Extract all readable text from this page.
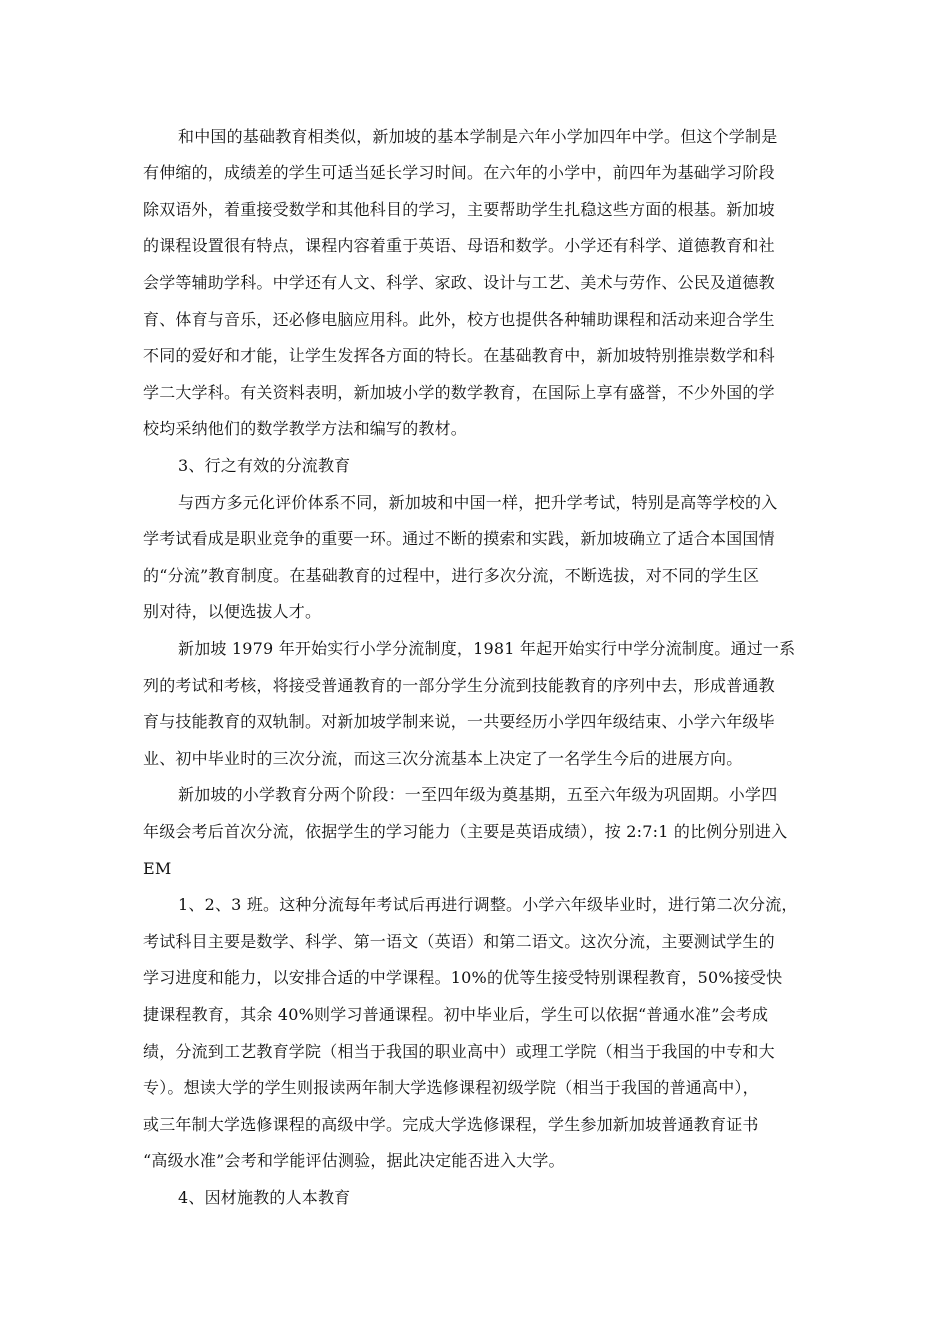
和中国的基础教育相类似，新加坡的基本学制是六年小学加四年中学。但这个学制是
有伸缩的，成绩差的学生可适当延长学习时间。在六年的小学中，前四年为基础学习阶段
除双语外，着重接受数学和其他科目的学习，主要帮助学生扎稳这些方面的根基。新加坡
的课程设置很有特点，课程内容着重于英语、母语和数学。小学还有科学、道德教育和社
会学等辅助学科。中学还有人文、科学、家政、设计与工艺、美术与劳作、公民及道德教
育、体育与音乐，还必修电脑应用科。此外，校方也提供各种辅助课程和活动来迎合学生
不同的爱好和才能，让学生发挥各方面的特长。在基础教育中，新加坡特别推崇数学和科
学二大学科。有关资料表明，新加坡小学的数学教育，在国际上享有盛誉，不少外国的学
校均采纳他们的数学教学方法和编写的教材。
3、行之有效的分流教育
与西方多元化评价体系不同，新加坡和中国一样，把升学考试，特别是高等学校的入
学考试看成是职业竞争的重要一环。通过不断的摸索和实践，新加坡确立了适合本国国情
的“分流”教育制度。在基础教育的过程中，进行多次分流，不断选拔，对不同的学生区
别对待，以便选拔人才。
新加坡 1979 年开始实行小学分流制度，1981 年起开始实行中学分流制度。通过一系
列的考试和考核，将接受普通教育的一部分学生分流到技能教育的序列中去，形成普通教
育与技能教育的双轨制。对新加坡学制来说，一共要经历小学四年级结束、小学六年级毕
业、初中毕业时的三次分流，而这三次分流基本上决定了一名学生今后的进展方向。
新加坡的小学教育分两个阶段：一至四年级为奠基期，五至六年级为巩固期。小学四
年级会考后首次分流，依据学生的学习能力（主要是英语成绩），按 2:7:1 的比例分别进入
EM
1、2、3 班。这种分流每年考试后再进行调整。小学六年级毕业时，进行第二次分流，
考试科目主要是数学、科学、第一语文（英语）和第二语文。这次分流，主要测试学生的
学习进度和能力，以安排合适的中学课程。10%的优等生接受特别课程教育，50%接受快
捷课程教育，其余 40%则学习普通课程。初中毕业后，学生可以依据“普通水准”会考成
绩，分流到工艺教育学院（相当于我国的职业高中）或理工学院（相当于我国的中专和大
专）。想读大学的学生则报读两年制大学选修课程初级学院（相当于我国的普通高中），
或三年制大学选修课程的高级中学。完成大学选修课程，学生参加新加坡普通教育证书
“高级水准”会考和学能评估测验，据此决定能否进入大学。
4、因材施教的人本教育
